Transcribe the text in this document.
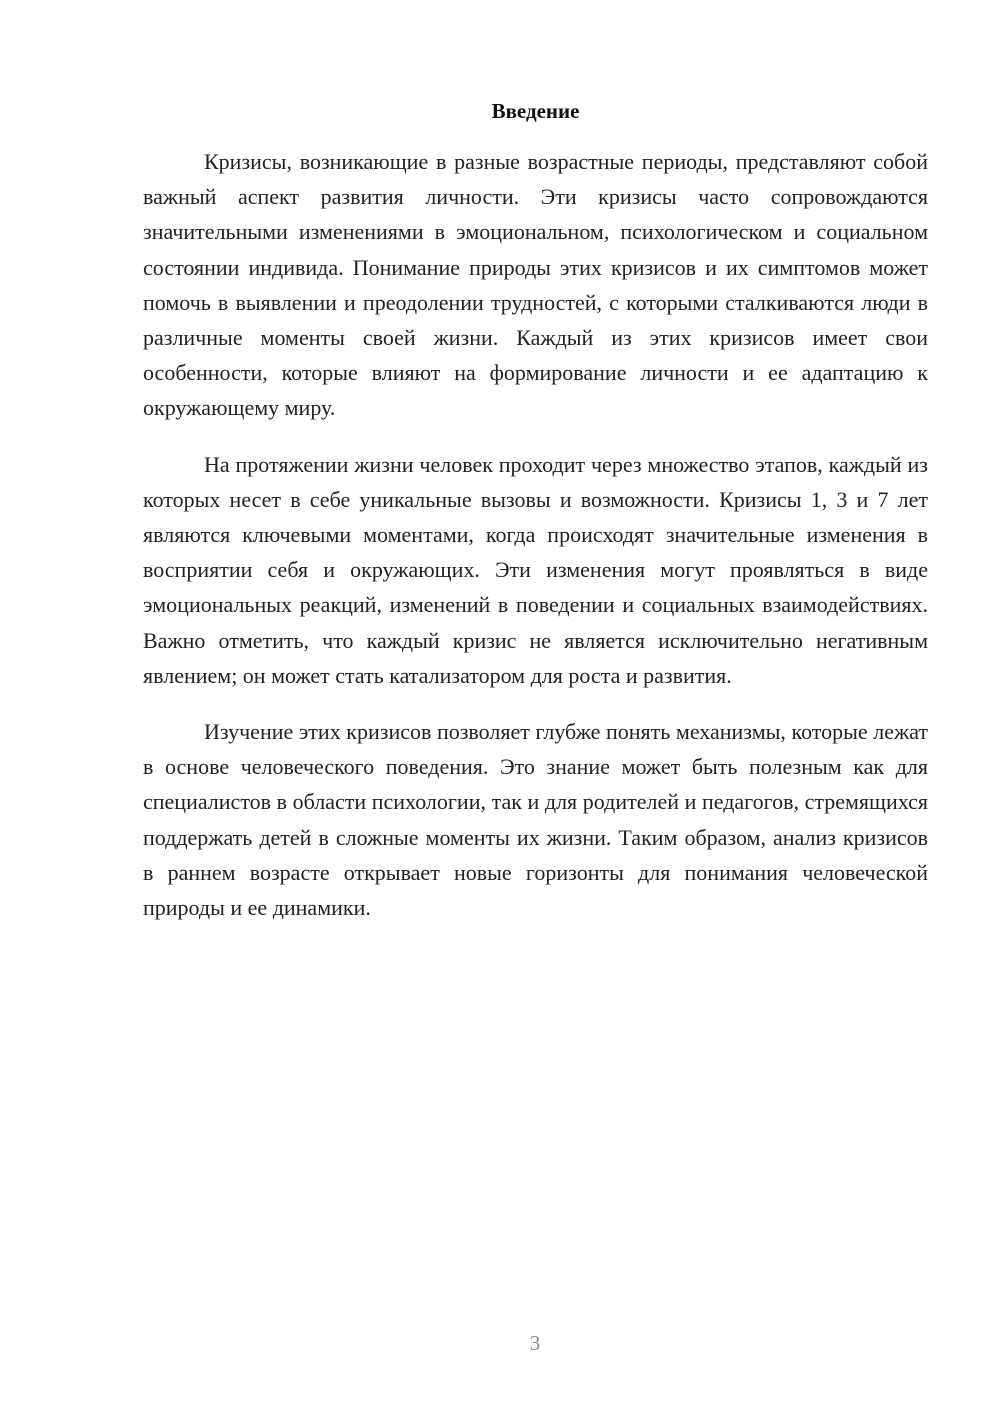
Введение

Кризисы, возникающие в разные возрастные периоды, представляют собой важный аспект развития личности. Эти кризисы часто сопровождаются значительными изменениями в эмоциональном, психологическом и социальном состоянии индивида. Понимание природы этих кризисов и их симптомов может помочь в выявлении и преодолении трудностей, с которыми сталкиваются люди в различные моменты своей жизни. Каждый из этих кризисов имеет свои особенности, которые влияют на формирование личности и ее адаптацию к окружающему миру.

На протяжении жизни человек проходит через множество этапов, каждый из которых несет в себе уникальные вызовы и возможности. Кризисы 1, 3 и 7 лет являются ключевыми моментами, когда происходят значительные изменения в восприятии себя и окружающих. Эти изменения могут проявляться в виде эмоциональных реакций, изменений в поведении и социальных взаимодействиях. Важно отметить, что каждый кризис не является исключительно негативным явлением; он может стать катализатором для роста и развития.

Изучение этих кризисов позволяет глубже понять механизмы, которые лежат в основе человеческого поведения. Это знание может быть полезным как для специалистов в области психологии, так и для родителей и педагогов, стремящихся поддержать детей в сложные моменты их жизни. Таким образом, анализ кризисов в раннем возрасте открывает новые горизонты для понимания человеческой природы и ее динамики.

3
